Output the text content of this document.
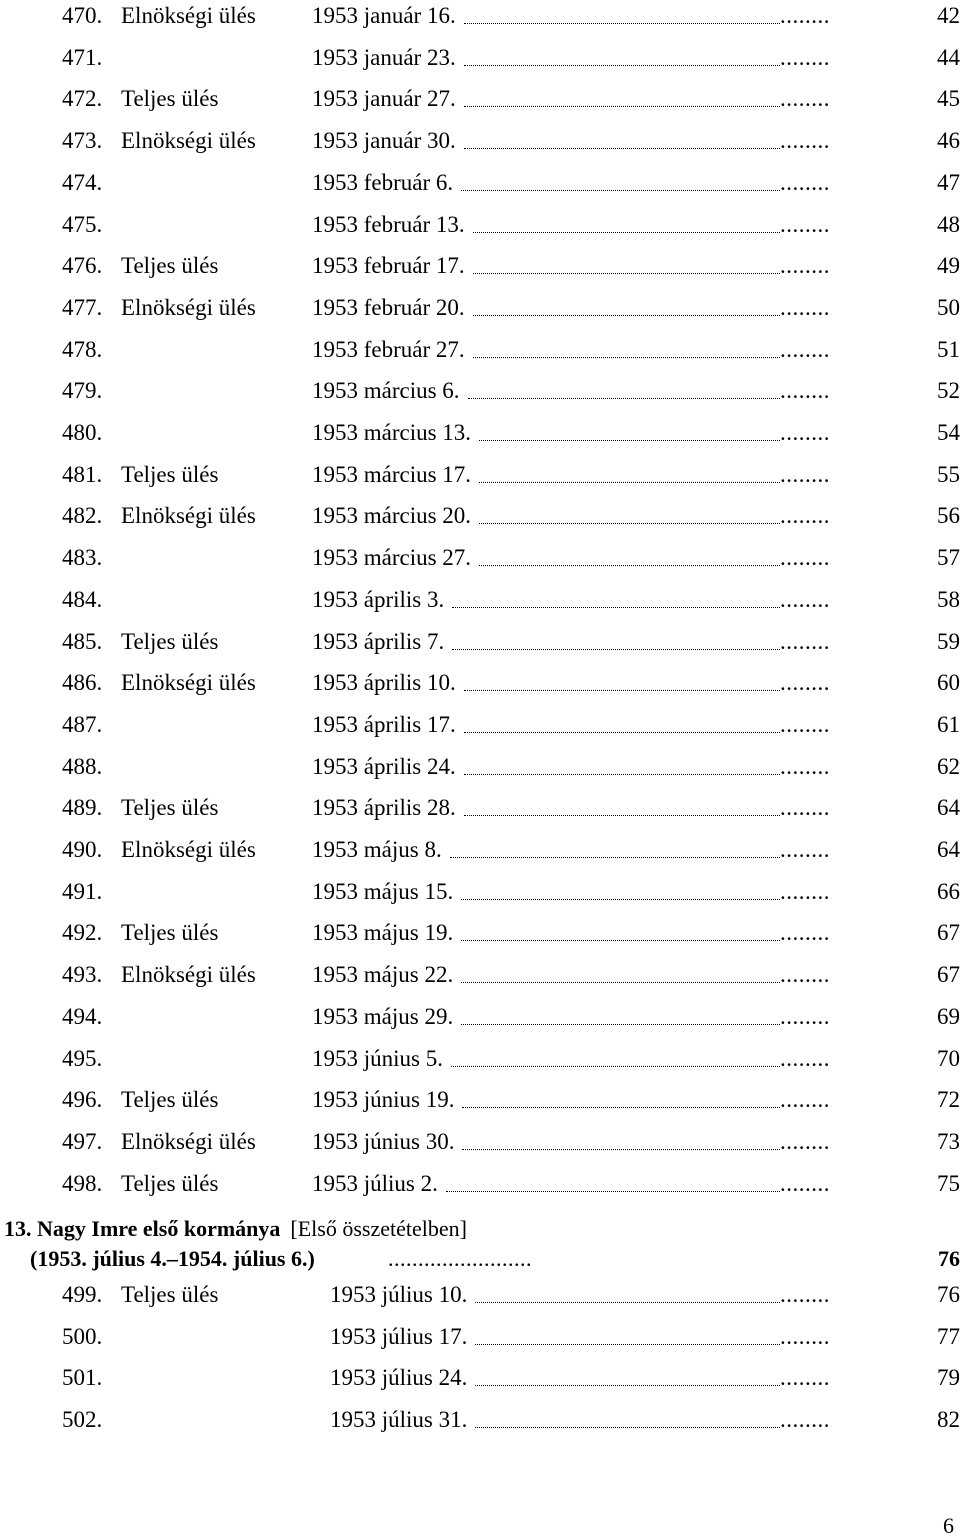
470. Elnökségi ülés 1953 január 16.	........	42
471.	1953 január 23.	........	44
472. Teljes ülés	1953 január 27.	........	45
473. Elnökségi ülés 1953 január 30.	........	46
474.	1953 február 6.	........	47
475.	1953 február 13.	........	48
476. Teljes ülés	1953 február 17.	........	49
477. Elnökségi ülés 1953 február 20.	........	50
478.	1953 február 27.	........	51
479.	1953 március 6.	........	52
480.	1953 március 13.	........	54
481. Teljes ülés	1953 március 17.	........	55
482. Elnökségi ülés 1953 március 20.	........	56
483.	1953 március 27.	........	57
484.	1953 április 3.	........	58
485. Teljes ülés	1953 április 7.	........	59
486. Elnökségi ülés 1953 április 10.	........	60
487.	1953 április 17.	........	61
488.	1953 április 24.	........	62
489. Teljes ülés	1953 április 28.	........	64
490. Elnökségi ülés 1953 május 8.	........	64
491.	1953 május 15.	........	66
492. Teljes ülés	1953 május 19.	........	67
493. Elnökségi ülés 1953 május 22.	........	67
494.	1953 május 29.	........	69
495.	1953 június 5.	........	70
496. Teljes ülés	1953 június 19.	........	72
497. Elnökségi ülés 1953 június 30.	........	73
498. Teljes ülés	1953 július 2.	........	75
13. Nagy Imre első kormánya [Első összetételben]
(1953. július 4.–1954. július 6.)	........................	76
499. Teljes ülés	1953 július 10.	........	76
500.	1953 július 17.	........	77
501.	1953 július 24.	........	79
502.	1953 július 31.	........	82
6
